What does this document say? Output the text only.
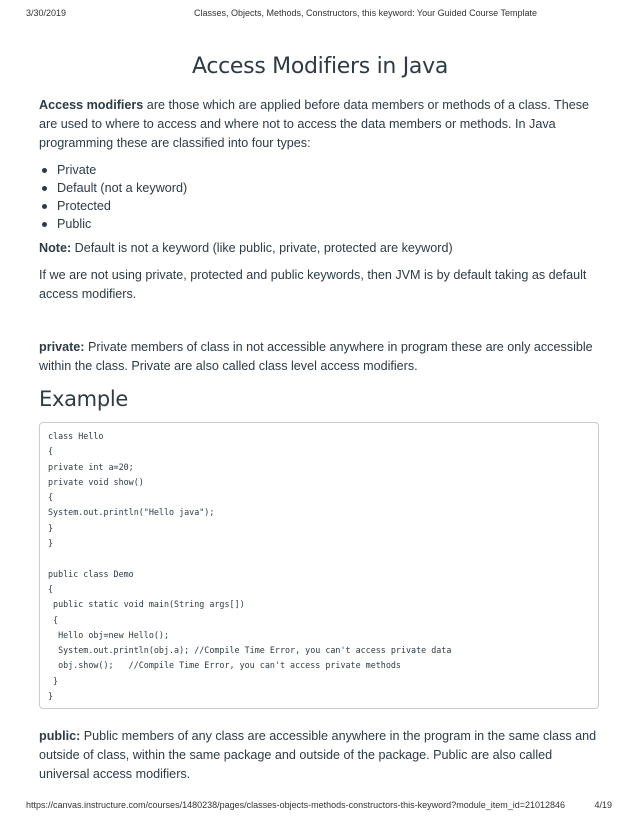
3/30/2019	Classes, Objects, Methods, Constructors, this keyword: Your Guided Course Template
Access Modifiers in Java

Access modifiers are those which are applied before data members or methods of a class. These are used to where to access and where not to access the data members or methods. In Java programming these are classified into four types:

Private
Default (not a keyword)
Protected
Public

Note: Default is not a keyword (like public, private, protected are keyword)

If we are not using private, protected and public keywords, then JVM is by default taking as default access modifiers.

private: Private members of class in not accessible anywhere in program these are only accessible within the class. Private are also called class level access modifiers.

Example
class Hello
{
private int a=20;
private void show()
{
System.out.println("Hello java");
}
}
public class Demo
{
public static void main(String args[])
{
Hello obj=new Hello();
System.out.println(obj.a); //Compile Time Error, you can't access private data
obj.show();   //Compile Time Error, you can't access private methods
}
}

public: Public members of any class are accessible anywhere in the program in the same class and outside of class, within the same package and outside of the package. Public are also called universal access modifiers.

https://canvas.instructure.com/courses/1480238/pages/classes-objects-methods-constructors-this-keyword?module_item_id=21012846	4/19
